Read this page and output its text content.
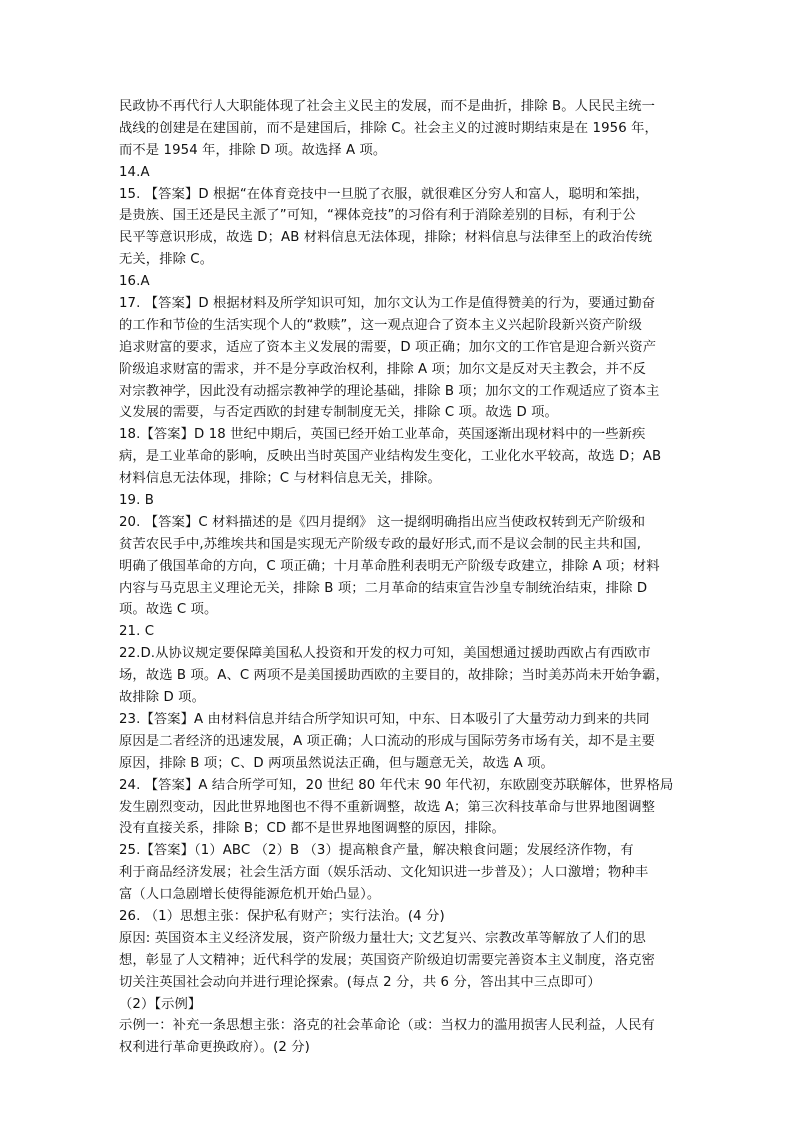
民政协不再代行人大职能体现了社会主义民主的发展，而不是曲折，排除 B。人民民主统一
战线的创建是在建国前，而不是建国后，排除 C。社会主义的过渡时期结束是在 1956 年，
而不是 1954 年，排除 D 项。故选择 A 项。
14.A
15. 【答案】D 根据“在体育竞技中一旦脱了衣服，就很难区分穷人和富人，聪明和笨拙，
是贵族、国王还是民主派了”可知，“裸体竞技”的习俗有利于消除差别的目标，有利于公
民平等意识形成，故选 D；AB 材料信息无法体现，排除；材料信息与法律至上的政治传统
无关，排除 C。
16.A
17. 【答案】D 根据材料及所学知识可知，加尔文认为工作是值得赞美的行为，要通过勤奋
的工作和节俭的生活实现个人的“救赎”，这一观点迎合了资本主义兴起阶段新兴资产阶级
追求财富的要求，适应了资本主义发展的需要，D 项正确；加尔文的工作官是迎合新兴资产
阶级追求财富的需求，并不是分享政治权利，排除 A 项；加尔文是反对天主教会，并不反
对宗教神学，因此没有动摇宗教神学的理论基础，排除 B 项；加尔文的工作观适应了资本主
义发展的需要，与否定西欧的封建专制制度无关，排除 C 项。故选 D 项。
18.【答案】D 18 世纪中期后，英国已经开始工业革命，英国逐渐出现材料中的一些新疾
病，是工业革命的影响，反映出当时英国产业结构发生变化，工业化水平较高，故选 D；AB
材料信息无法体现，排除；C 与材料信息无关，排除。
19. B
20. 【答案】C 材料描述的是《四月提纲》 这一提纲明确指出应当使政权转到无产阶级和
贫苦农民手中,苏维埃共和国是实现无产阶级专政的最好形式,而不是议会制的民主共和国,
明确了俄国革命的方向，C 项正确；十月革命胜利表明无产阶级专政建立，排除 A 项；材料
内容与马克思主义理论无关，排除 B 项；二月革命的结束宣告沙皇专制统治结束，排除 D
项。故选 C 项。
21. C
22.D.从协议规定要保障美国私人投资和开发的权力可知，美国想通过援助西欧占有西欧市
场，故选 B 项。A、C 两项不是美国援助西欧的主要目的，故排除；当时美苏尚未开始争霸，
故排除 D 项。
23.【答案】A 由材料信息并结合所学知识可知，中东、日本吸引了大量劳动力到来的共同
原因是二者经济的迅速发展，A 项正确；人口流动的形成与国际劳务市场有关，却不是主要
原因，排除 B 项；C、D 两项虽然说法正确，但与题意无关，故选 A 项。
24. 【答案】A 结合所学可知，20 世纪 80 年代末 90 年代初，东欧剧变苏联解体，世界格局
发生剧烈变动，因此世界地图也不得不重新调整，故选 A；第三次科技革命与世界地图调整
没有直接关系，排除 B；CD 都不是世界地图调整的原因，排除。
25.【答案】（1）ABC （2）B （3）提高粮食产量，解决粮食问题；发展经济作物，有
利于商品经济发展；社会生活方面（娱乐活动、文化知识进一步普及）；人口激增；物种丰
富（人口急剧增长使得能源危机开始凸显）。
26. （1）思想主张：保护私有财产；实行法治。(4 分)
原因: 英国资本主义经济发展，资产阶级力量壮大; 文艺复兴、宗教改革等解放了人们的思
想，彰显了人文精神；近代科学的发展；英国资产阶级迫切需要完善资本主义制度，洛克密
切关注英国社会动向并进行理论探索。(每点 2 分，共 6 分，答出其中三点即可）
（2）【示例】
示例一：补充一条思想主张：洛克的社会革命论（或：当权力的滥用损害人民利益，人民有
权利进行革命更换政府）。(2 分)
